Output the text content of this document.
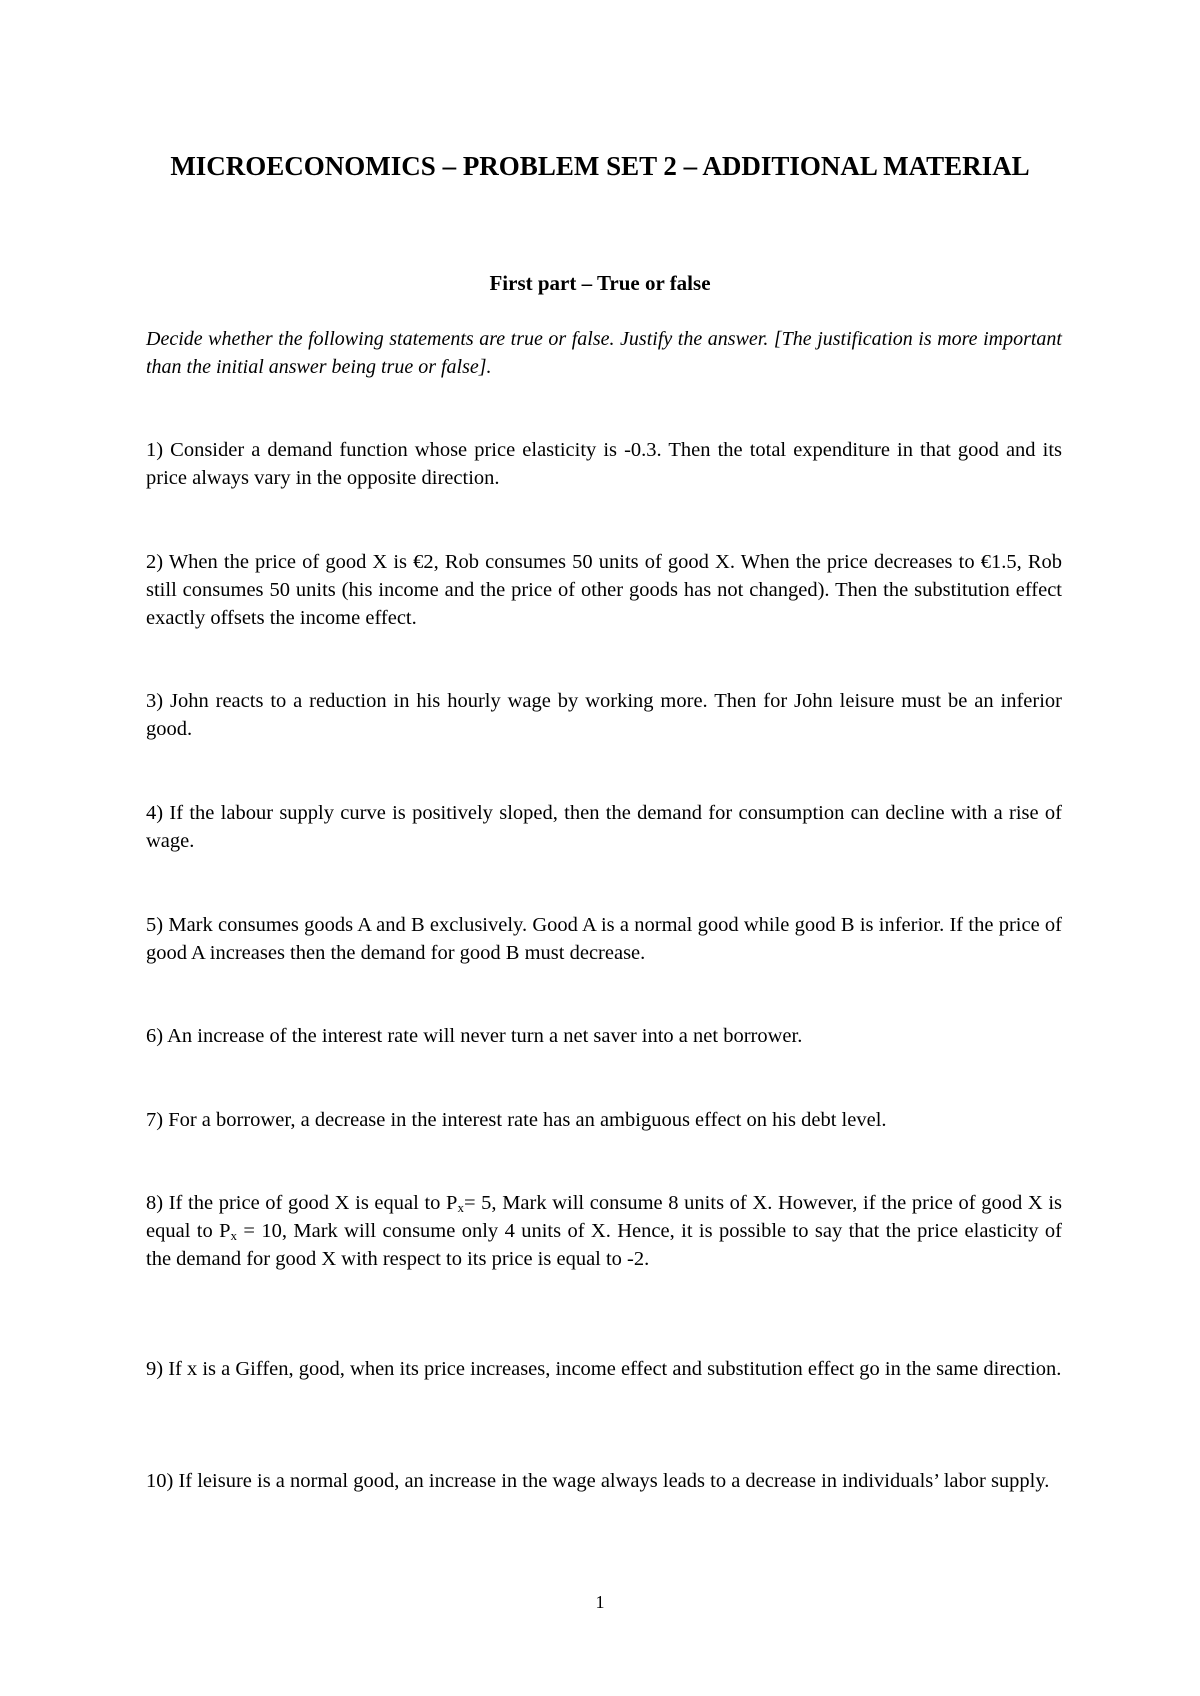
MICROECONOMICS – PROBLEM SET 2 – ADDITIONAL MATERIAL
First part – True or false

Decide whether the following statements are true or false. Justify the answer. [The justification is more important than the initial answer being true or false].

1) Consider a demand function whose price elasticity is -0.3. Then the total expenditure in that good and its price always vary in the opposite direction.

2) When the price of good X is €2, Rob consumes 50 units of good X. When the price decreases to €1.5, Rob still consumes 50 units (his income and the price of other goods has not changed). Then the substitution effect exactly offsets the income effect.

3) John reacts to a reduction in his hourly wage by working more. Then for John leisure must be an inferior good.

4) If the labour supply curve is positively sloped, then the demand for consumption can decline with a rise of wage.

5) Mark consumes goods A and B exclusively. Good A is a normal good while good B is inferior. If the price of good A increases then the demand for good B must decrease.

6) An increase of the interest rate will never turn a net saver into a net borrower.

7) For a borrower, a decrease in the interest rate has an ambiguous effect on his debt level.

8) If the price of good X is equal to $P_x= 5$, Mark will consume 8 units of X. However, if the price of good X is equal to $P_x = 10$, Mark will consume only 4 units of X. Hence, it is possible to say that the price elasticity of the demand for good X with respect to its price is equal to -2.

9) If x is a Giffen, good, when its price increases, income effect and substitution effect go in the same direction.

10) If leisure is a normal good, an increase in the wage always leads to a decrease in individuals’ labor supply.

1
